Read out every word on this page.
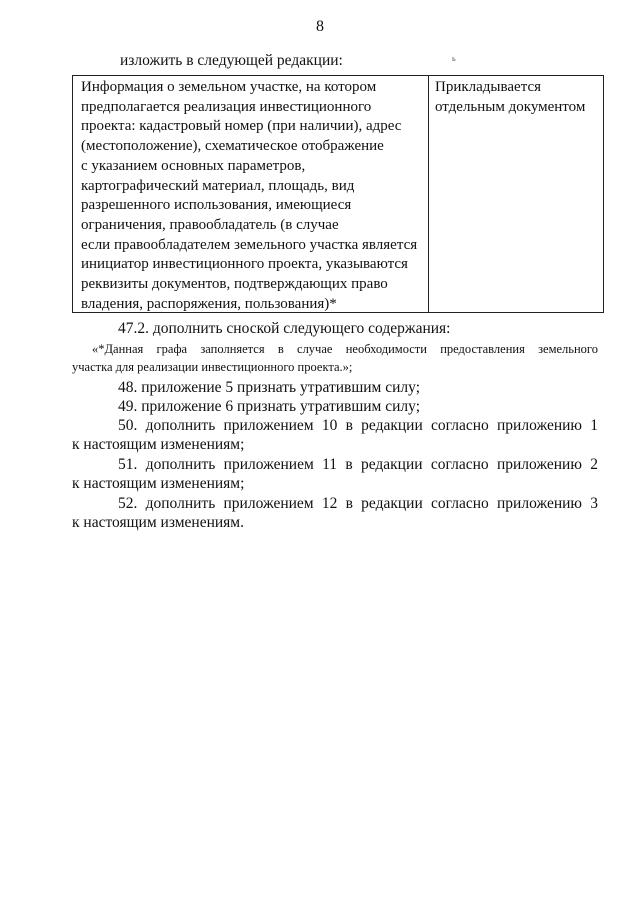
8
изложить в следующей редакции:	ь
Информация о земельном участке, на котором
предполагается реализация инвестиционного
проекта: кадастровый номер (при наличии), адрес
(местоположение), схематическое отображение
с указанием основных параметров,
картографический материал, площадь, вид
разрешенного использования, имеющиеся
ограничения, правообладатель (в случае
если правообладателем земельного участка является
инициатор инвестиционного проекта, указываются
реквизиты документов, подтверждающих право
владения, распоряжения, пользования)*
Прикладывается
отдельным документом
47.2. дополнить сноской следующего содержания:
«*Данная графа заполняется в случае необходимости предоставления земельного
участка для реализации инвестиционного проекта.»;
48. приложение 5 признать утратившим силу;
49. приложение 6 признать утратившим силу;
50. дополнить приложением 10 в редакции согласно приложению 1
к настоящим изменениям;
51. дополнить приложением 11 в редакции согласно приложению 2
к настоящим изменениям;
52. дополнить приложением 12 в редакции согласно приложению 3
к настоящим изменениям.
